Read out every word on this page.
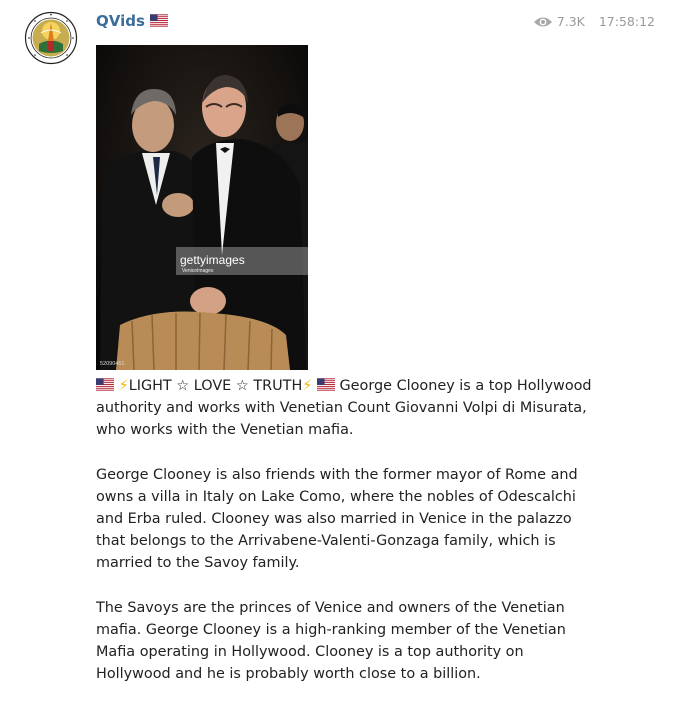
QVids	7.3K 17:58:12
gettyimages
VeniceImages
52090461

⚡LIGHT ☆ LOVE ☆ TRUTH⚡ George Clooney is a top Hollywood authority and works with Venetian Count Giovanni Volpi di Misurata, who works with the Venetian mafia.

George Clooney is also friends with the former mayor of Rome and owns a villa in Italy on Lake Como, where the nobles of Odescalchi and Erba ruled. Clooney was also married in Venice in the palazzo that belongs to the Arrivabene-Valenti-Gonzaga family, which is married to the Savoy family.

The Savoys are the princes of Venice and owners of the Venetian mafia. George Clooney is a high-ranking member of the Venetian Mafia operating in Hollywood. Clooney is a top authority on Hollywood and he is probably worth close to a billion.
